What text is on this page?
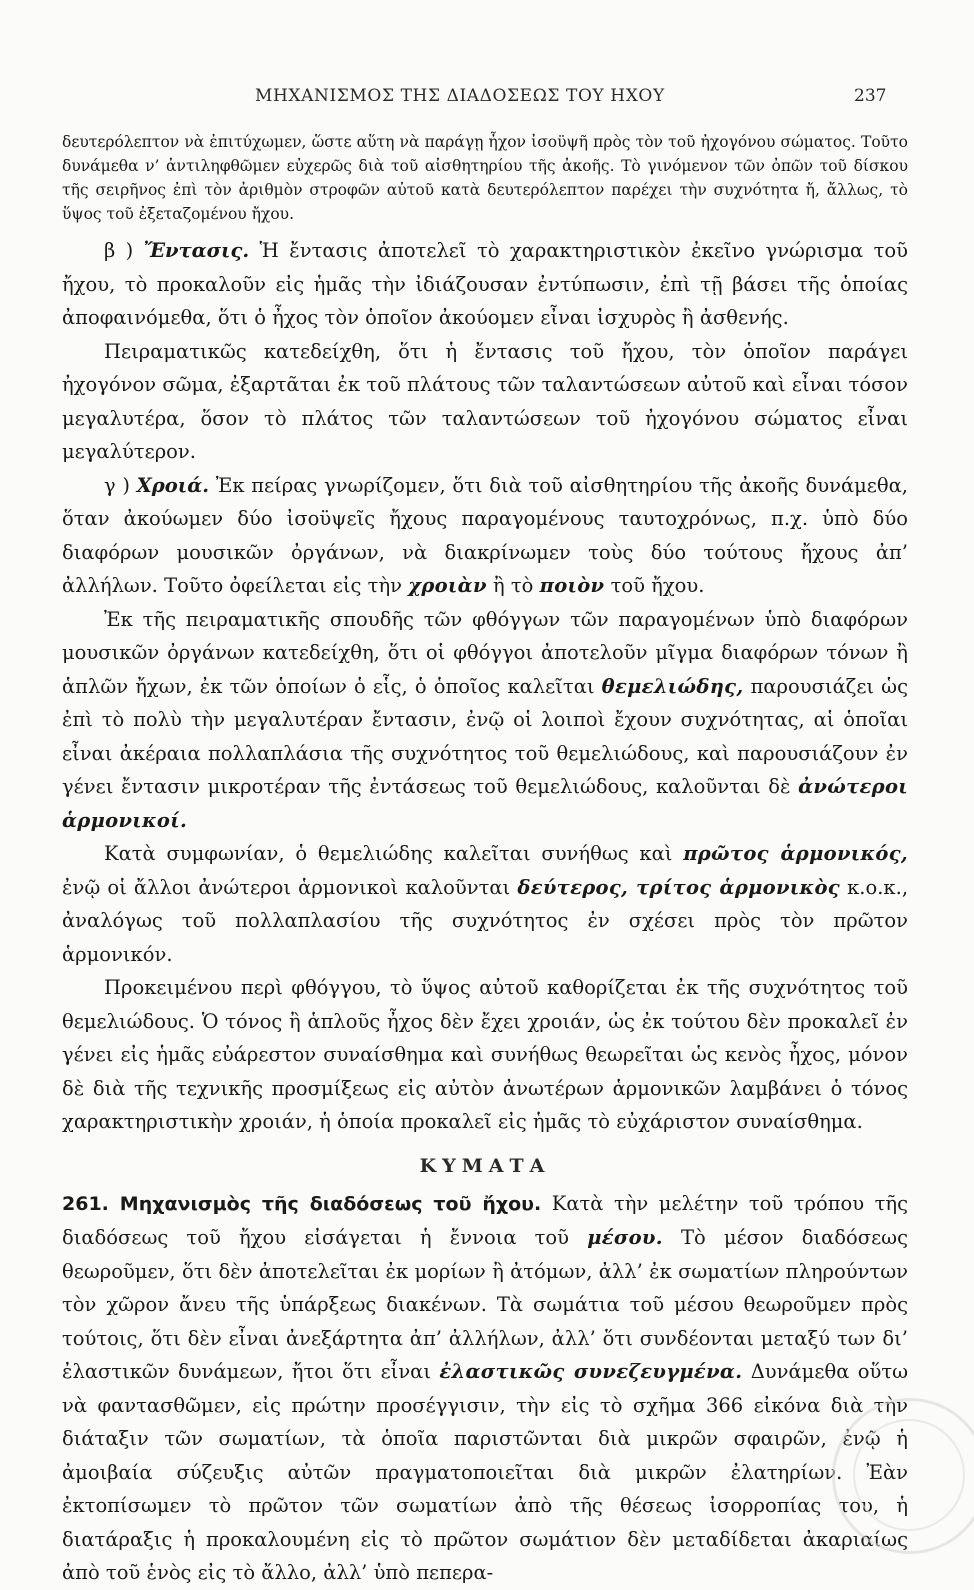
ΜΗΧΑΝΙΣΜΟΣ ΤΗΣ ΔΙΑΔΟΣΕΩΣ ΤΟΥ ΗΧΟΥ	237

δευτερόλεπτον νὰ ἐπιτύχωμεν, ὥστε αὕτη νὰ παράγῃ ἦχον ἰσοϋψῆ πρὸς τὸν τοῦ ἠχογόνου σώματος. Τοῦτο δυνάμεθα ν’ ἀντιληφθῶμεν εὐχερῶς διὰ τοῦ αἰσθητηρίου τῆς ἀκοῆς. Τὸ γινόμενον τῶν ὀπῶν τοῦ δίσκου τῆς σειρῆνος ἐπὶ τὸν ἀριθμὸν στροφῶν αὐτοῦ κατὰ δευτερόλεπτον παρέχει τὴν συχνότητα ἤ, ἄλλως, τὸ ὕψος τοῦ ἐξεταζομένου ἤχου.

β ) Ἔντασις. Ἡ ἔντασις ἀποτελεῖ τὸ χαρακτηριστικὸν ἐκεῖνο γνώρισμα τοῦ ἤχου, τὸ προκαλοῦν εἰς ἡμᾶς τὴν ἰδιάζουσαν ἐντύπωσιν, ἐπὶ τῇ βάσει τῆς ὁποίας ἀποφαινόμεθα, ὅτι ὁ ἦχος τὸν ὁποῖον ἀκούομεν εἶναι ἰσχυρὸς ἢ ἀσθενής.

Πειραματικῶς κατεδείχθη, ὅτι ἡ ἔντασις τοῦ ἤχου, τὸν ὁποῖον παράγει ἠχογόνον σῶμα, ἐξαρτᾶται ἐκ τοῦ πλάτους τῶν ταλαντώσεων αὐτοῦ καὶ εἶναι τόσον μεγαλυτέρα, ὅσον τὸ πλάτος τῶν ταλαντώσεων τοῦ ἠχογόνου σώματος εἶναι μεγαλύτερον.

γ ) Χροιά. Ἐκ πείρας γνωρίζομεν, ὅτι διὰ τοῦ αἰσθητηρίου τῆς ἀκοῆς δυνάμεθα, ὅταν ἀκούωμεν δύο ἰσοϋψεῖς ἤχους παραγομένους ταυτοχρόνως, π.χ. ὑπὸ δύο διαφόρων μουσικῶν ὀργάνων, νὰ διακρίνωμεν τοὺς δύο τούτους ἤχους ἀπ’ ἀλλήλων. Τοῦτο ὀφείλεται εἰς τὴν χροιὰν ἢ τὸ ποιὸν τοῦ ἤχου.

Ἐκ τῆς πειραματικῆς σπουδῆς τῶν φθόγγων τῶν παραγομένων ὑπὸ διαφόρων μουσικῶν ὀργάνων κατεδείχθη, ὅτι οἱ φθόγγοι ἀποτελοῦν μῖγμα διαφόρων τόνων ἢ ἁπλῶν ἤχων, ἐκ τῶν ὁποίων ὁ εἷς, ὁ ὁποῖος καλεῖται θεμελιώδης, παρουσιάζει ὡς ἐπὶ τὸ πολὺ τὴν μεγαλυτέραν ἔντασιν, ἐνῷ οἱ λοιποὶ ἔχουν συχνότητας, αἱ ὁποῖαι εἶναι ἀκέραια πολλαπλάσια τῆς συχνότητος τοῦ θεμελιώδους, καὶ παρουσιάζουν ἐν γένει ἔντασιν μικροτέραν τῆς ἐντάσεως τοῦ θεμελιώδους, καλοῦνται δὲ ἀνώτεροι ἁρμονικοί.

Κατὰ συμφωνίαν, ὁ θεμελιώδης καλεῖται συνήθως καὶ πρῶτος ἁρμονικός, ἐνῷ οἱ ἄλλοι ἀνώτεροι ἁρμονικοὶ καλοῦνται δεύτερος, τρίτος ἁρμονικὸς κ.ο.κ., ἀναλόγως τοῦ πολλαπλασίου τῆς συχνότητος ἐν σχέσει πρὸς τὸν πρῶτον ἁρμονικόν.

Προκειμένου περὶ φθόγγου, τὸ ὕψος αὐτοῦ καθορίζεται ἐκ τῆς συχνότητος τοῦ θεμελιώδους. Ὁ τόνος ἢ ἁπλοῦς ἦχος δὲν ἔχει χροιάν, ὡς ἐκ τούτου δὲν προκαλεῖ ἐν γένει εἰς ἡμᾶς εὐάρεστον συναίσθημα καὶ συνήθως θεωρεῖται ὡς κενὸς ἦχος, μόνον δὲ διὰ τῆς τεχνικῆς προσμίξεως εἰς αὐτὸν ἀνωτέρων ἁρμονικῶν λαμβάνει ὁ τόνος χαρακτηριστικὴν χροιάν, ἡ ὁποία προκαλεῖ εἰς ἡμᾶς τὸ εὐχάριστον συναίσθημα.

ΚΥΜΑΤΑ

261. Μηχανισμὸς τῆς διαδόσεως τοῦ ἤχου. Κατὰ τὴν μελέτην τοῦ τρόπου τῆς διαδόσεως τοῦ ἤχου εἰσάγεται ἡ ἔννοια τοῦ μέσου. Τὸ μέσον διαδόσεως θεωροῦμεν, ὅτι δὲν ἀποτελεῖται ἐκ μορίων ἢ ἀτόμων, ἀλλ’ ἐκ σωματίων πληρούντων τὸν χῶρον ἄνευ τῆς ὑπάρξεως διακένων. Τὰ σωμάτια τοῦ μέσου θεωροῦμεν πρὸς τούτοις, ὅτι δὲν εἶναι ἀνεξάρτητα ἀπ’ ἀλλήλων, ἀλλ’ ὅτι συνδέονται μεταξύ των δι’ ἐλαστικῶν δυνάμεων, ἤτοι ὅτι εἶναι ἐλαστικῶς συνεζευγμένα. Δυνάμεθα οὕτω νὰ φαντασθῶμεν, εἰς πρώτην προσέγγισιν, τὴν εἰς τὸ σχῆμα 366 εἰκόνα διὰ τὴν διάταξιν τῶν σωματίων, τὰ ὁποῖα παριστῶνται διὰ μικρῶν σφαιρῶν, ἐνῷ ἡ ἀμοιβαία σύζευξις αὐτῶν πραγματοποιεῖται διὰ μικρῶν ἐλατηρίων. Ἐὰν ἐκτοπίσωμεν τὸ πρῶτον τῶν σωματίων ἀπὸ τῆς θέσεως ἰσορροπίας του, ἡ διατάραξις ἡ προκαλουμένη εἰς τὸ πρῶτον σωμάτιον δὲν μεταδίδεται ἀκαριαίως ἀπὸ τοῦ ἑνὸς εἰς τὸ ἄλλο, ἀλλ’ ὑπὸ πεπερα-
